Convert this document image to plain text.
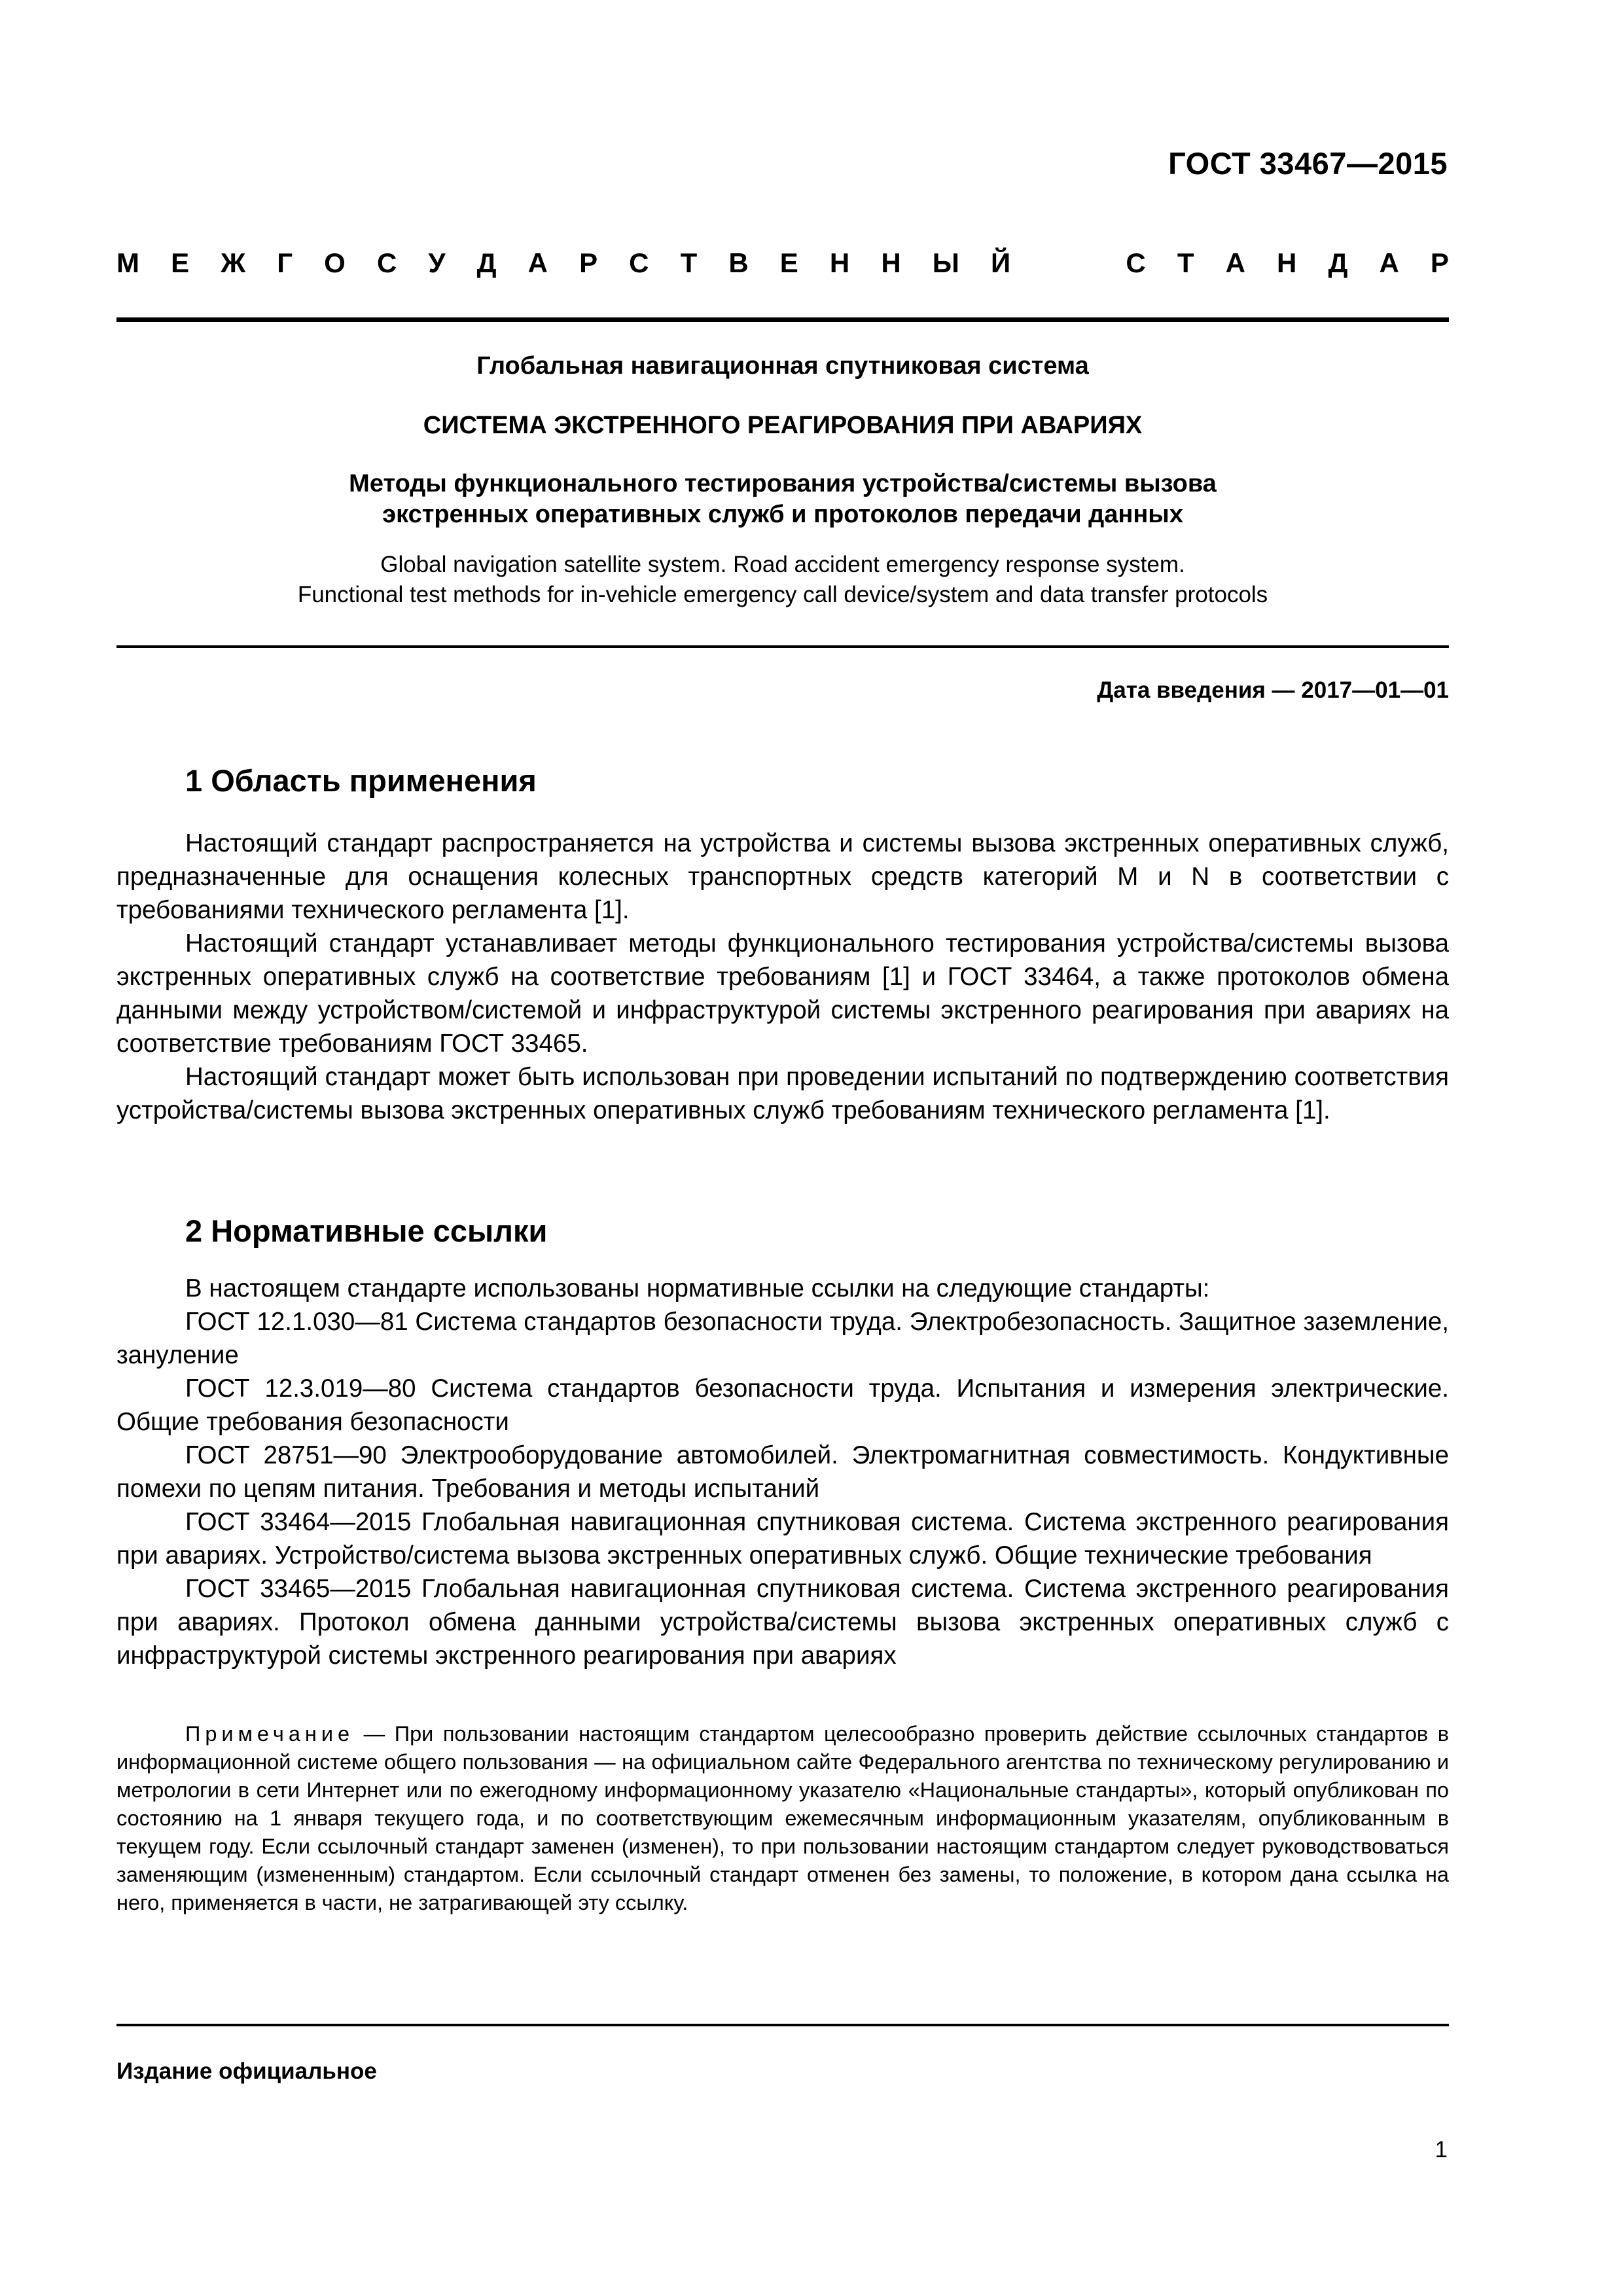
ГОСТ 33467—2015
М Е Ж Г О С У Д А Р С Т В Е Н Н Ы Й	С Т А Н Д А Р
Глобальная навигационная спутниковая система
СИСТЕМА ЭКСТРЕННОГО РЕАГИРОВАНИЯ ПРИ АВАРИЯХ
Методы функционального тестирования устройства/системы вызова
экстренных оперативных служб и протоколов передачи данных
Global navigation satellite system. Road accident emergency response system.
Functional test methods for in-vehicle emergency call device/system and data transfer protocols
Дата введения — 2017—01—01
1 Область применения

Настоящий стандарт распространяется на устройства и системы вызова экстренных оперативных служб, предназначенные для оснащения колесных транспортных средств категорий M и N в соответствии с требованиями технического регламента [1].

Настоящий стандарт устанавливает методы функционального тестирования устройства/системы вызова экстренных оперативных служб на соответствие требованиям [1] и ГОСТ 33464, а также протоколов обмена данными между устройством/системой и инфраструктурой системы экстренного реагирования при авариях на соответствие требованиям ГОСТ 33465.

Настоящий стандарт может быть использован при проведении испытаний по подтверждению соответствия устройства/системы вызова экстренных оперативных служб требованиям технического регламента [1].

2 Нормативные ссылки

В настоящем стандарте использованы нормативные ссылки на следующие стандарты:

ГОСТ 12.1.030—81 Система стандартов безопасности труда. Электробезопасность. Защитное заземление, зануление

ГОСТ 12.3.019—80 Система стандартов безопасности труда. Испытания и измерения электрические. Общие требования безопасности

ГОСТ 28751—90 Электрооборудование автомобилей. Электромагнитная совместимость. Кондуктивные помехи по цепям питания. Требования и методы испытаний

ГОСТ 33464—2015 Глобальная навигационная спутниковая система. Система экстренного реагирования при авариях. Устройство/система вызова экстренных оперативных служб. Общие технические требования

ГОСТ 33465—2015 Глобальная навигационная спутниковая система. Система экстренного реагирования при авариях. Протокол обмена данными устройства/системы вызова экстренных оперативных служб с инфраструктурой системы экстренного реагирования при авариях

Примечание — При пользовании настоящим стандартом целесообразно проверить действие ссылочных стандартов в информационной системе общего пользования — на официальном сайте Федерального агентства по техническому регулированию и метрологии в сети Интернет или по ежегодному информационному указателю «Национальные стандарты», который опубликован по состоянию на 1 января текущего года, и по соответствующим ежемесячным информационным указателям, опубликованным в текущем году. Если ссылочный стандарт заменен (изменен), то при пользовании настоящим стандартом следует руководствоваться заменяющим (измененным) стандартом. Если ссылочный стандарт отменен без замены, то положение, в котором дана ссылка на него, применяется в части, не затрагивающей эту ссылку.

Издание официальное
1
